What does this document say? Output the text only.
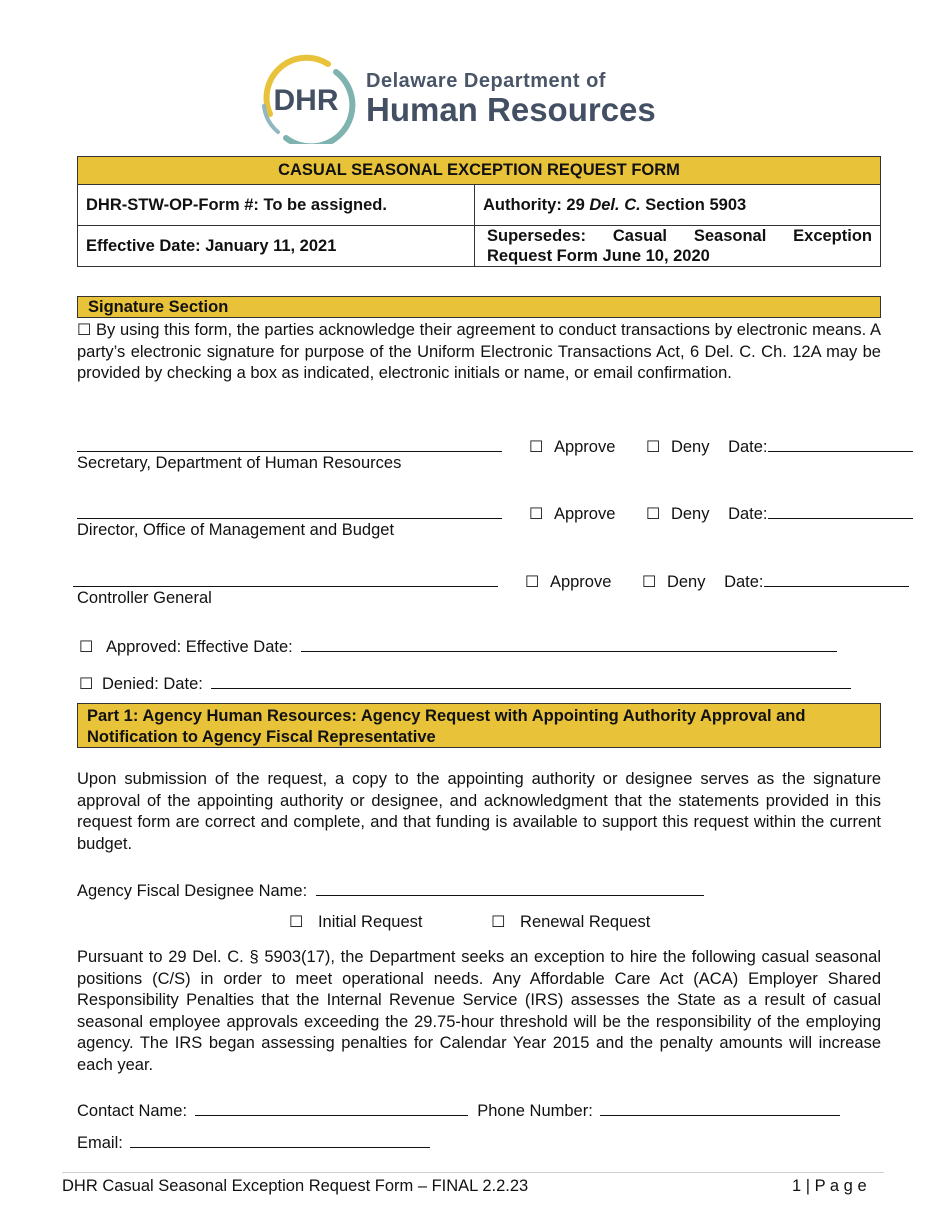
DHR
Delaware Department of
Human Resources
CASUAL SEASONAL EXCEPTION REQUEST FORM	
DHR-STW-OP-Form #: To be assigned.	Authority: 29 Del. C. Section 5903
Effective Date: January 11, 2021	Supersedes: Casual Seasonal Exception Request Form June 10, 2020
Signature Section
☐ By using this form, the parties acknowledge their agreement to conduct transactions by electronic means. A party’s electronic signature for purpose of the Uniform Electronic Transactions Act, 6 Del. C. Ch. 12A may be provided by checking a box as indicated, electronic initials or name, or email confirmation.
☐ Approve ☐ Deny Date:
Secretary, Department of Human Resources
☐ Approve ☐ Deny Date:
Director, Office of Management and Budget
☐ Approve ☐ Deny Date:
Controller General
☐ Approved: Effective Date:
☐ Denied: Date:
Part 1: Agency Human Resources: Agency Request with Appointing Authority Approval and Notification to Agency Fiscal Representative
Upon submission of the request, a copy to the appointing authority or designee serves as the signature approval of the appointing authority or designee, and acknowledgment that the statements provided in this request form are correct and complete, and that funding is available to support this request within the current budget.
Agency Fiscal Designee Name:
☐ Initial Request	☐ Renewal Request
Pursuant to 29 Del. C. § 5903(17), the Department seeks an exception to hire the following casual seasonal positions (C/S) in order to meet operational needs. Any Affordable Care Act (ACA) Employer Shared Responsibility Penalties that the Internal Revenue Service (IRS) assesses the State as a result of casual seasonal employee approvals exceeding the 29.75-hour threshold will be the responsibility of the employing agency. The IRS began assessing penalties for Calendar Year 2015 and the penalty amounts will increase each year.
Contact Name:	Phone Number:
Email:
DHR Casual Seasonal Exception Request Form – FINAL 2.2.23	1 | P a g e
